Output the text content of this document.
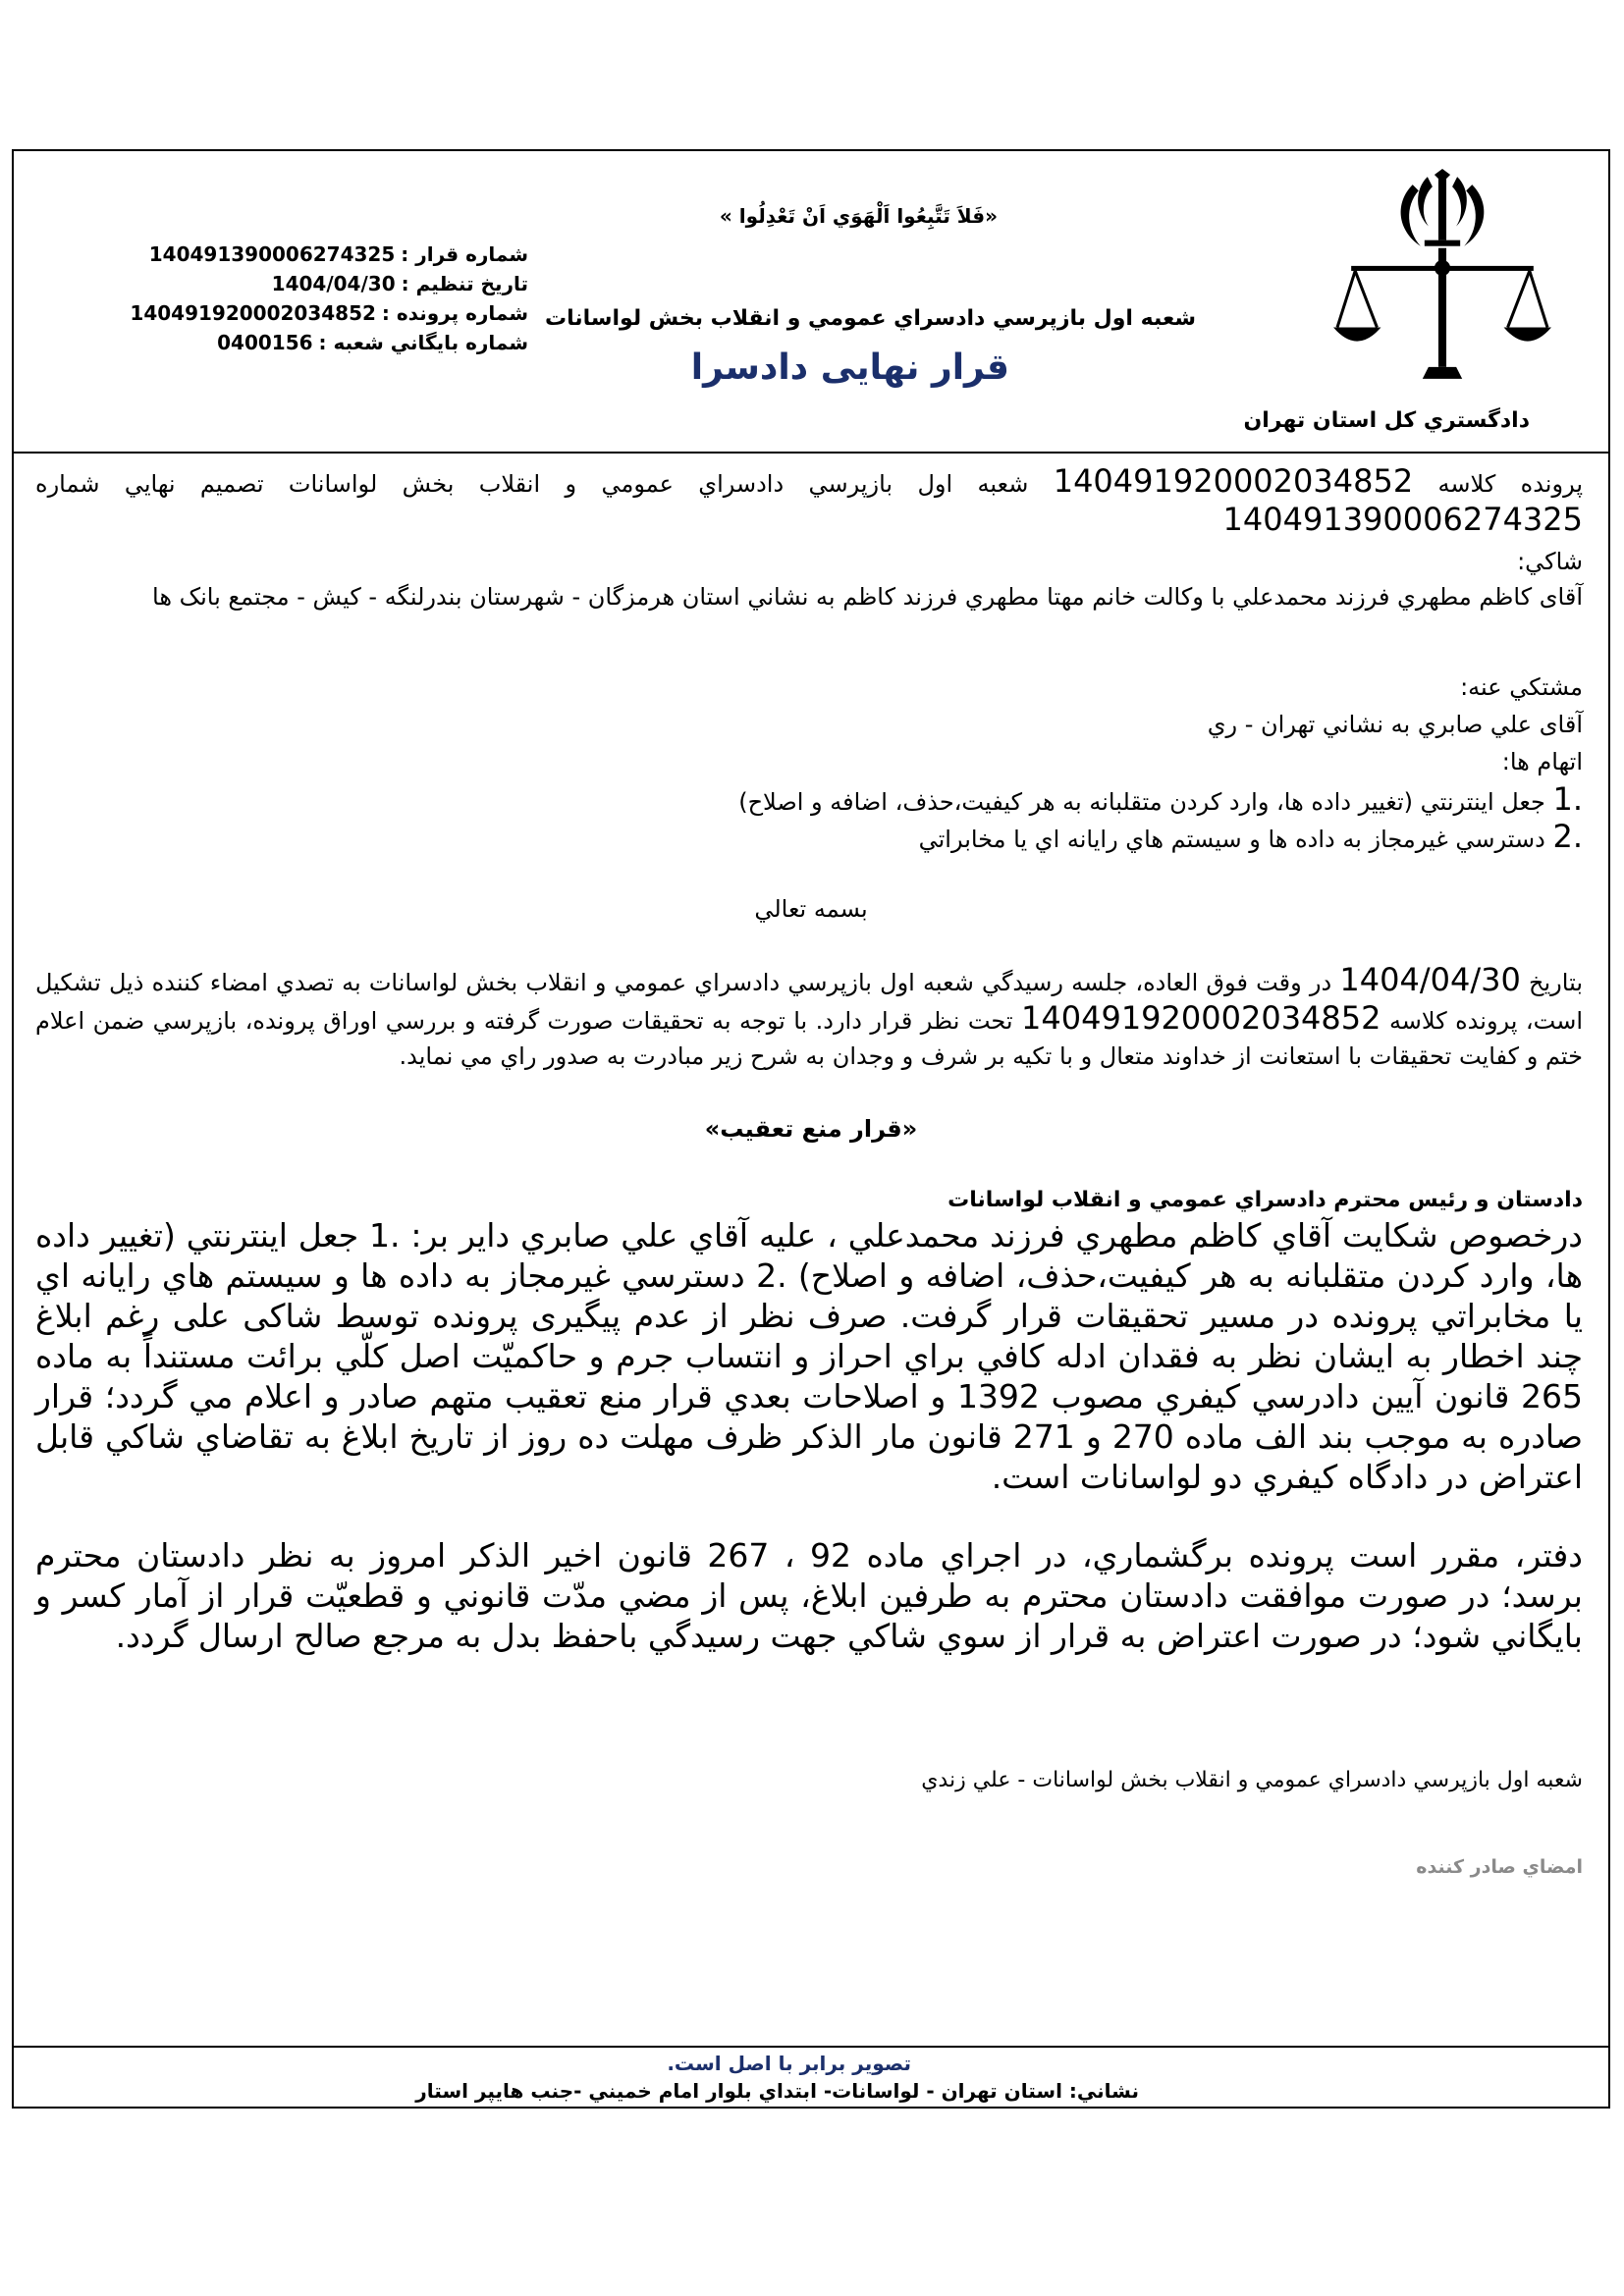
دادگستري کل استان تهران
«فَلاَ تَتَّبِعُوا اَلْهَوَي اَنْ تَعْدِلُوا »
شعبه اول بازپرسي دادسراي عمومي و انقلاب بخش لواسانات
قرار نهایی دادسرا
شماره قرار :
140491390006274325
تاريخ تنظيم :
1404/04/30
شماره پرونده :
140491920002034852
شماره بايگاني شعبه :
0400156
پرونده کلاسه 140491920002034852 شعبه اول بازپرسي دادسراي عمومي و انقلاب بخش لواسانات تصميم نهايي شماره 140491390006274325
شاکي:
آقای کاظم مطهري فرزند محمدعلي با وکالت خانم مهتا مطهري فرزند کاظم به نشاني استان هرمزگان - شهرستان بندرلنگه - کيش - مجتمع بانک ها
مشتکي عنه:
آقای علي صابري به نشاني تهران - ري
اتهام ها:
1. جعل اينترنتي (تغيير داده ها، وارد کردن متقلبانه به هر کيفيت،حذف، اضافه و اصلاح)
2. دسترسي غيرمجاز به داده ها و سيستم هاي رايانه اي يا مخابراتي
بسمه تعالي
بتاريخ 1404/04/30 در وقت فوق العاده، جلسه رسيدگي شعبه اول بازپرسي دادسراي عمومي و انقلاب بخش لواسانات به تصدي امضاء کننده ذيل تشکيل است، پرونده کلاسه 140491920002034852 تحت نظر قرار دارد. با توجه به تحقيقات صورت گرفته و بررسي اوراق پرونده، بازپرسي ضمن اعلام ختم و کفايت تحقيقات با استعانت از خداوند متعال و با تکيه بر شرف و وجدان به شرح زير مبادرت به صدور راي مي نمايد.
«قرار منع تعقيب»
دادستان و رئيس محترم دادسراي عمومي و انقلاب لواسانات
درخصوص شکايت آقاي کاظم مطهري فرزند محمدعلي ، عليه آقاي علي صابري داير بر: 1. جعل اينترنتي (تغيير داده ها، وارد کردن متقلبانه به هر کيفيت،حذف، اضافه و اصلاح) 2. دسترسي غيرمجاز به داده ها و سيستم هاي رايانه اي يا مخابراتي پرونده در مسير تحقيقات قرار گرفت. صرف نظر از عدم پيگيری پرونده توسط شاکی علی رغم ابلاغ چند اخطار به ايشان نظر به فقدان ادله کافي براي احراز و انتساب جرم و حاکميّت اصل کلّي برائت مستنداً به ماده 265 قانون آيين دادرسي کيفري مصوب 1392 و اصلاحات بعدي قرار منع تعقيب متهم صادر و اعلام مي گردد؛ قرار صادره به موجب بند الف ماده 270 و 271 قانون مار الذکر ظرف مهلت ده روز از تاريخ ابلاغ به تقاضاي شاکي قابل اعتراض در دادگاه کيفري دو لواسانات است.
دفتر، مقرر است پرونده برگشماري، در اجراي ماده 92 ، 267 قانون اخير الذکر امروز به نظر دادستان محترم برسد؛ در صورت موافقت دادستان محترم به طرفين ابلاغ، پس از مضي مدّت قانوني و قطعيّت قرار از آمار کسر و بايگاني شود؛ در صورت اعتراض به قرار از سوي شاکي جهت رسيدگي باحفظ بدل به مرجع صالح ارسال گردد.
شعبه اول بازپرسي دادسراي عمومي و انقلاب بخش لواسانات - علي زندي
امضاي صادر کننده
تصوير برابر با اصل است.
نشاني: استان تهران - لواسانات- ابتداي بلوار امام خميني -جنب هايپر استار
